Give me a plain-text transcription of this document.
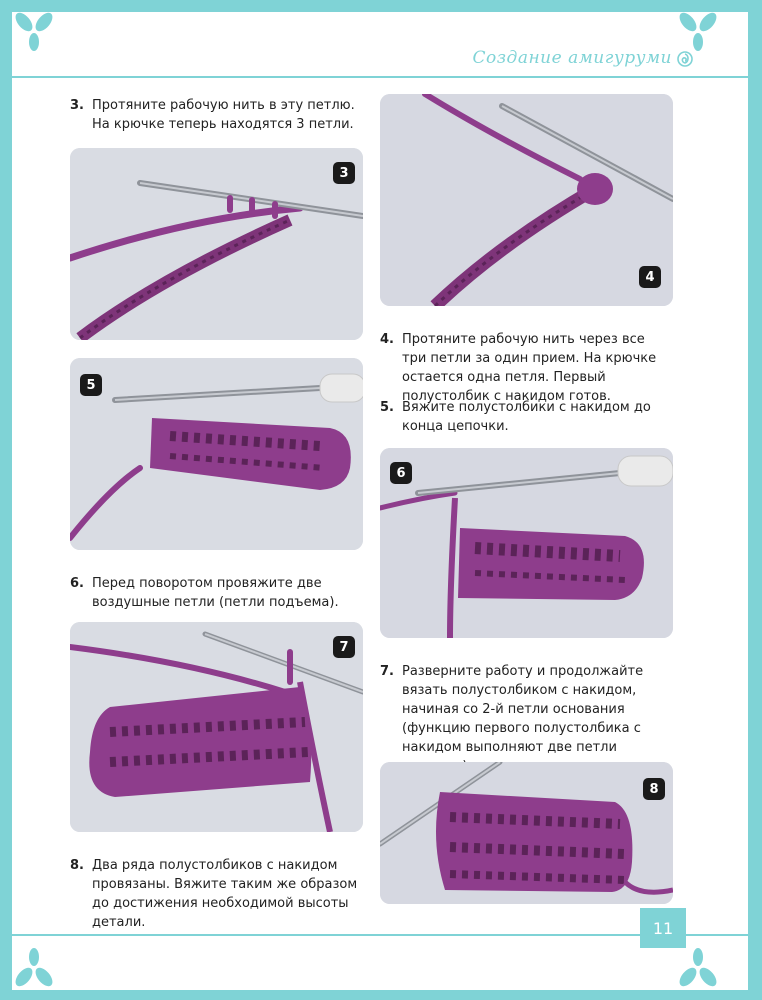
Создание амигуруми
3. Протяните рабочую нить в эту петлю. На крючке теперь находятся 3 петли.
3
4
5
4. Протяните рабочую нить через все три петли за один прием. На крючке остается одна петля. Первый полустолбик с накидом готов.
5. Вяжите полустолбики с накидом до конца цепочки.
6
6. Перед поворотом провяжите две воздушные петли (петли подъема).
7
7. Разверните работу и продолжайте вязать полустолбиком с накидом, начиная со 2-й петли основания (функцию первого полустолбика с накидом выполняют две петли
8
8. Два ряда полустолбиков с накидом провязаны. Вяжите таким же образом до достижения необходимой высоты детали.	11
